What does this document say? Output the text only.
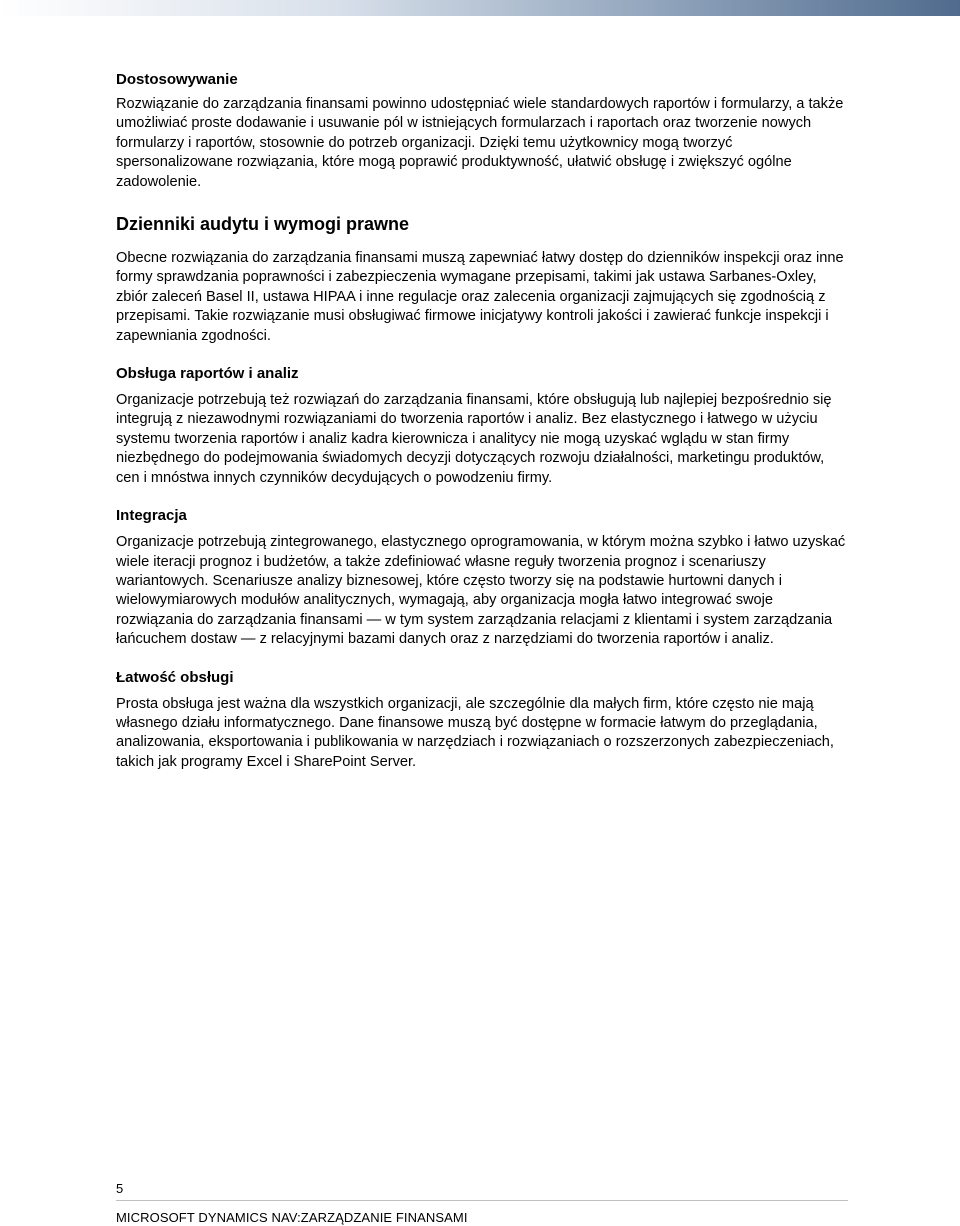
Dostosowywanie

Rozwiązanie do zarządzania finansami powinno udostępniać wiele standardowych raportów i formularzy, a także umożliwiać proste dodawanie i usuwanie pól w istniejących formularzach i raportach oraz tworzenie nowych formularzy i raportów, stosownie do potrzeb organizacji. Dzięki temu użytkownicy mogą tworzyć spersonalizowane rozwiązania, które mogą poprawić produktywność, ułatwić obsługę i zwiększyć ogólne zadowolenie.

Dzienniki audytu i wymogi prawne

Obecne rozwiązania do zarządzania finansami muszą zapewniać łatwy dostęp do dzienników inspekcji oraz inne formy sprawdzania poprawności i zabezpieczenia wymagane przepisami, takimi jak ustawa Sarbanes-Oxley, zbiór zaleceń Basel II, ustawa HIPAA i inne regulacje oraz zalecenia organizacji zajmujących się zgodnością z przepisami. Takie rozwiązanie musi obsługiwać firmowe inicjatywy kontroli jakości i zawierać funkcje inspekcji i zapewniania zgodności.

Obsługa raportów i analiz

Organizacje potrzebują też rozwiązań do zarządzania finansami, które obsługują lub najlepiej bezpośrednio się integrują z niezawodnymi rozwiązaniami do tworzenia raportów i analiz. Bez elastycznego i łatwego w użyciu systemu tworzenia raportów i analiz kadra kierownicza i analitycy nie mogą uzyskać wglądu w stan firmy niezbędnego do podejmowania świadomych decyzji dotyczących rozwoju działalności, marketingu produktów, cen i mnóstwa innych czynników decydujących o powodzeniu firmy.

Integracja

Organizacje potrzebują zintegrowanego, elastycznego oprogramowania, w którym można szybko i łatwo uzyskać wiele iteracji prognoz i budżetów, a także zdefiniować własne reguły tworzenia prognoz i scenariuszy wariantowych. Scenariusze analizy biznesowej, które często tworzy się na podstawie hurtowni danych i wielowymiarowych modułów analitycznych, wymagają, aby organizacja mogła łatwo integrować swoje rozwiązania do zarządzania finansami — w tym system zarządzania relacjami z klientami i system zarządzania łańcuchem dostaw — z relacyjnymi bazami danych oraz z narzędziami do tworzenia raportów i analiz.

Łatwość obsługi

Prosta obsługa jest ważna dla wszystkich organizacji, ale szczególnie dla małych firm, które często nie mają własnego działu informatycznego. Dane finansowe muszą być dostępne w formacie łatwym do przeglądania, analizowania, eksportowania i publikowania w narzędziach i rozwiązaniach o rozszerzonych zabezpieczeniach, takich jak programy Excel i SharePoint Server.

5
MICROSOFT DYNAMICS NAV:ZARZĄDZANIE FINANSAMI
